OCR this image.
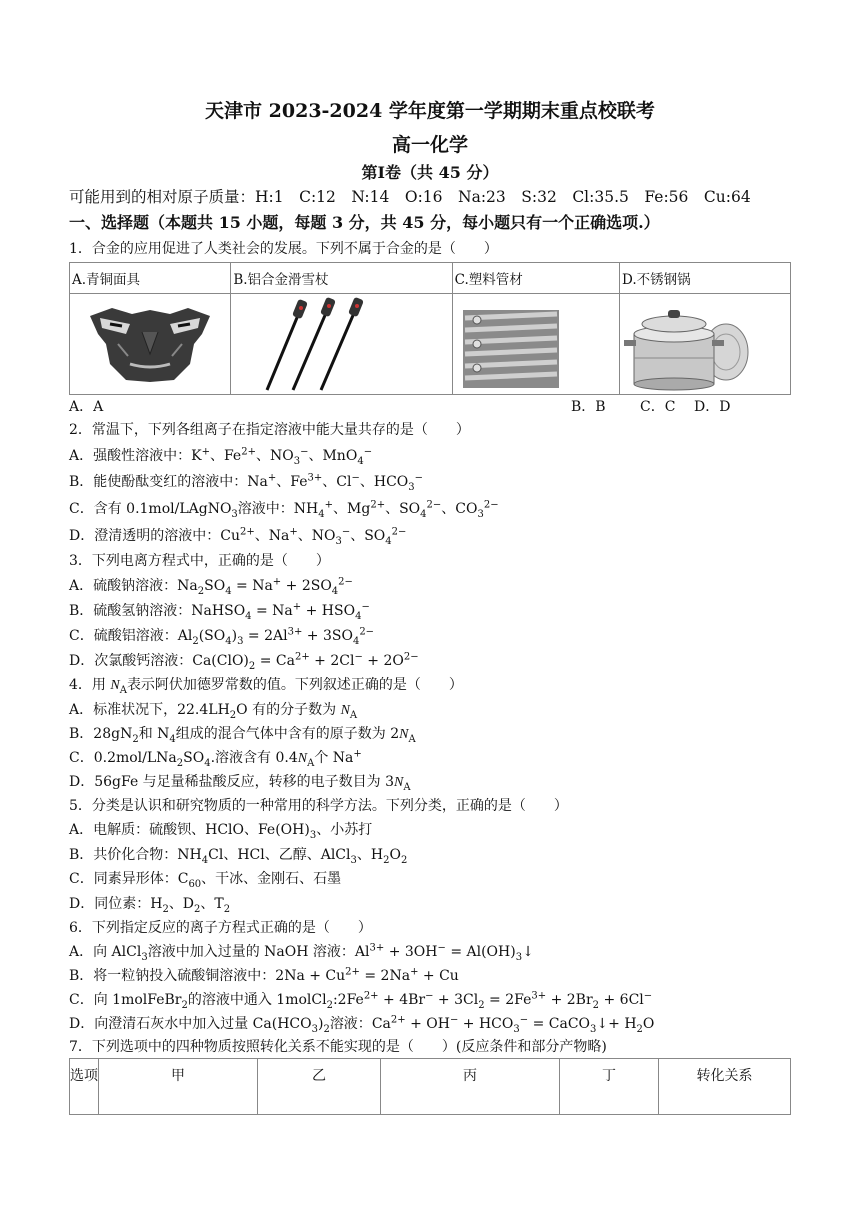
天津市 2023-2024 学年度第一学期期末重点校联考
高一化学
第Ⅰ卷（共 45 分）
可能用到的相对原子质量：H:1　C:12　N:14　O:16　Na:23　S:32　Cl:35.5　Fe:56　Cu:64
一、选择题（本题共 15 小题，每题 3 分，共 45 分，每小题只有一个正确选项.）
1．合金的应用促进了人类社会的发展。下列不属于合金的是（　　）
A.青铜面具	B.铝合金滑雪杖	C.塑料管材	D.不锈钢锅

A．A	B．B C．C D．D
2．常温下，下列各组离子在指定溶液中能大量共存的是（　　）
A．强酸性溶液中：K+、$Fe^{2+}$、$NO_3^-$、MnO$_4$−
B．能使酚酞变红的溶液中：Na+、$Fe^{3+}$、Cl−、$HCO_3^-$
C．含有 0.1mol/LAgNO$_3$溶液中：$NH_4^+$、$Mg^{2+}$、$SO_4^{2-}$、$CO_3^{2-}$
D．澄清透明的溶液中：$Cu^{2+}$、Na+、$NO_3^-$、$SO_4^{2-}$
3．下列电离方程式中，正确的是（　　）
A．硫酸钠溶液：$Na_2SO_4 = Na^+ + 2SO_4^{2-}$
B．硫酸氢钠溶液：NaHSO$_4$ = $Na^+ + HSO_4^-$
C．硫酸铝溶液：$Al_2(SO_4)_3 = 2Al^{3+} + 3SO_4^{2-}$
D．次氯酸钙溶液：$Ca(ClO)_2 = Ca^{2+} + 2Cl^- + 2O^{2-}$
4．用 $N_A$表示阿伏加德罗常数的值。下列叙述正确的是（　　）
A．标准状况下，$22.4LH_2O$ 有的分子数为 $N_A$
B．$28gN_2$和 $N_4$组成的混合气体中含有的原子数为 $2N_A$
C．$0.2mol/LNa_2SO_4$.溶液含有 $0.4N_A$个 Na+
D．56gFe 与足量稀盐酸反应，转移的电子数目为 $3N_A$
5．分类是认识和研究物质的一种常用的科学方法。下列分类，正确的是（　　）
A．电解质：硫酸钡、HClO、$Fe(OH)_3$、小苏打
B．共价化合物：$NH_4Cl$、HCl、乙醇、AlCl$_3$、$H_2O_2$
C．同素异形体：$C_{60}$、干冰、金刚石、石墨
D．同位素：$H_2$、$D_2$、$T_2$
6．下列指定反应的离子方程式正确的是（　　）
A．向 AlCl$_3$溶液中加入过量的 NaOH 溶液：$Al^{3+} + 3OH^-$ = $Al(OH)_3↓$
B．将一粒钠投入硫酸铜溶液中：$2Na + Cu^{2+} = 2Na^+ + Cu$
C．向 1molFeBr$_2$的溶液中通入 $1molCl_2:2Fe^{2+} + 4Br^- + 3Cl_2 = 2Fe^{3+} + 2Br_2 + 6Cl^-$
D．向澄清石灰水中加入过量 $Ca(HCO_3)_2$溶液：$Ca^{2+} + OH^- + HCO_3^-$ = CaCO$_3$↓+ $H_2O$
7．下列选项中的四种物质按照转化关系不能实现的是（　　）(反应条件和部分产物略)
选项	甲	乙	丙	丁	转化关系
